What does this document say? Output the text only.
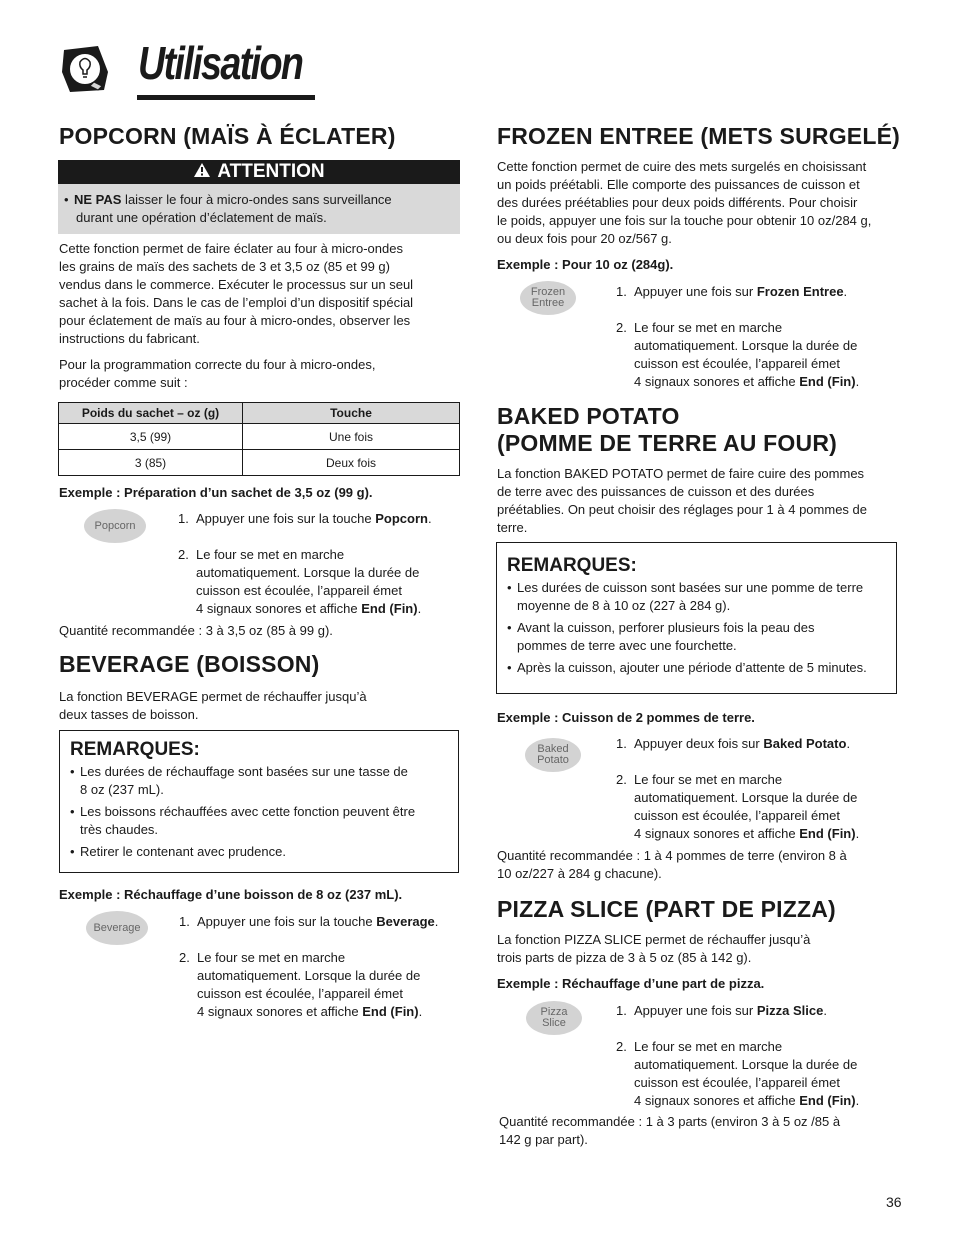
Utilisation
POPCORN (MAÏS À ÉCLATER)
ATTENTION
• NE PAS laisser le four à micro-ondes sans surveillance
durant une opération d’éclatement de maïs.
Cette fonction permet de faire éclater au four à micro-ondes
les grains de maïs des sachets de 3 et 3,5 oz (85 et 99 g)
vendus dans le commerce. Exécuter le processus sur un seul
sachet à la fois. Dans le cas de l’emploi d’un dispositif spécial
pour éclatement de maïs au four à micro-ondes, observer les
instructions du fabricant.
Pour la programmation correcte du four à micro-ondes,
procéder comme suit :
Poids du sachet – oz (g)	Touche
3,5 (99)	Une fois
3 (85)	Deux fois
Exemple : Préparation d’un sachet de 3,5 oz (99 g).
Popcorn	1. Appuyer une fois sur la touche Popcorn.
2. Le four se met en marche
automatiquement. Lorsque la durée de
cuisson est écoulée, l’appareil émet
4 signaux sonores et affiche End (Fin).
Quantité recommandée : 3 à 3,5 oz (85 à 99 g).
BEVERAGE (BOISSON)
La fonction BEVERAGE permet de réchauffer jusqu’à
deux tasses de boisson.
REMARQUES:
• Les durées de réchauffage sont basées sur une tasse de
8 oz (237 mL).
• Les boissons réchauffées avec cette fonction peuvent être
très chaudes.
• Retirer le contenant avec prudence.
Exemple : Réchauffage d’une boisson de 8 oz (237 mL).
Beverage	1. Appuyer une fois sur la touche Beverage.
2. Le four se met en marche
automatiquement. Lorsque la durée de
cuisson est écoulée, l’appareil émet
4 signaux sonores et affiche End (Fin).
FROZEN ENTREE (METS SURGELÉ)
Cette fonction permet de cuire des mets surgelés en choisissant
un poids préétabli. Elle comporte des puissances de cuisson et
des durées préétablies pour deux poids différents. Pour choisir
le poids, appuyer une fois sur la touche pour obtenir 10 oz/284 g,
ou deux fois pour 20 oz/567 g.
Exemple : Pour 10 oz (284g).
Frozen
Entree
1. Appuyer une fois sur Frozen Entree.
2. Le four se met en marche
automatiquement. Lorsque la durée de
cuisson est écoulée, l’appareil émet
4 signaux sonores et affiche End (Fin).
BAKED POTATO
(POMME DE TERRE AU FOUR)
La fonction BAKED POTATO permet de faire cuire des pommes
de terre avec des puissances de cuisson et des durées
préétablies. On peut choisir des réglages pour 1 à 4 pommes de
terre.
REMARQUES:
• Les durées de cuisson sont basées sur une pomme de terre
moyenne de 8 à 10 oz (227 à 284 g).
• Avant la cuisson, perforer plusieurs fois la peau des
pommes de terre avec une fourchette.
• Après la cuisson, ajouter une période d’attente de 5 minutes.
Exemple : Cuisson de 2 pommes de terre.
Baked
Potato
1. Appuyer deux fois sur Baked Potato.
2. Le four se met en marche
automatiquement. Lorsque la durée de
cuisson est écoulée, l’appareil émet
4 signaux sonores et affiche End (Fin).
Quantité recommandée : 1 à 4 pommes de terre (environ 8 à
10 oz/227 à 284 g chacune).
PIZZA SLICE (PART DE PIZZA)
La fonction PIZZA SLICE permet de réchauffer jusqu’à
trois parts de pizza de 3 à 5 oz (85 à 142 g).
Exemple : Réchauffage d’une part de pizza.
Pizza
Slice
1. Appuyer une fois sur Pizza Slice.
2. Le four se met en marche
automatiquement. Lorsque la durée de
cuisson est écoulée, l’appareil émet
4 signaux sonores et affiche End (Fin).
Quantité recommandée : 1 à 3 parts (environ 3 à 5 oz /85 à
142 g par part).
36
